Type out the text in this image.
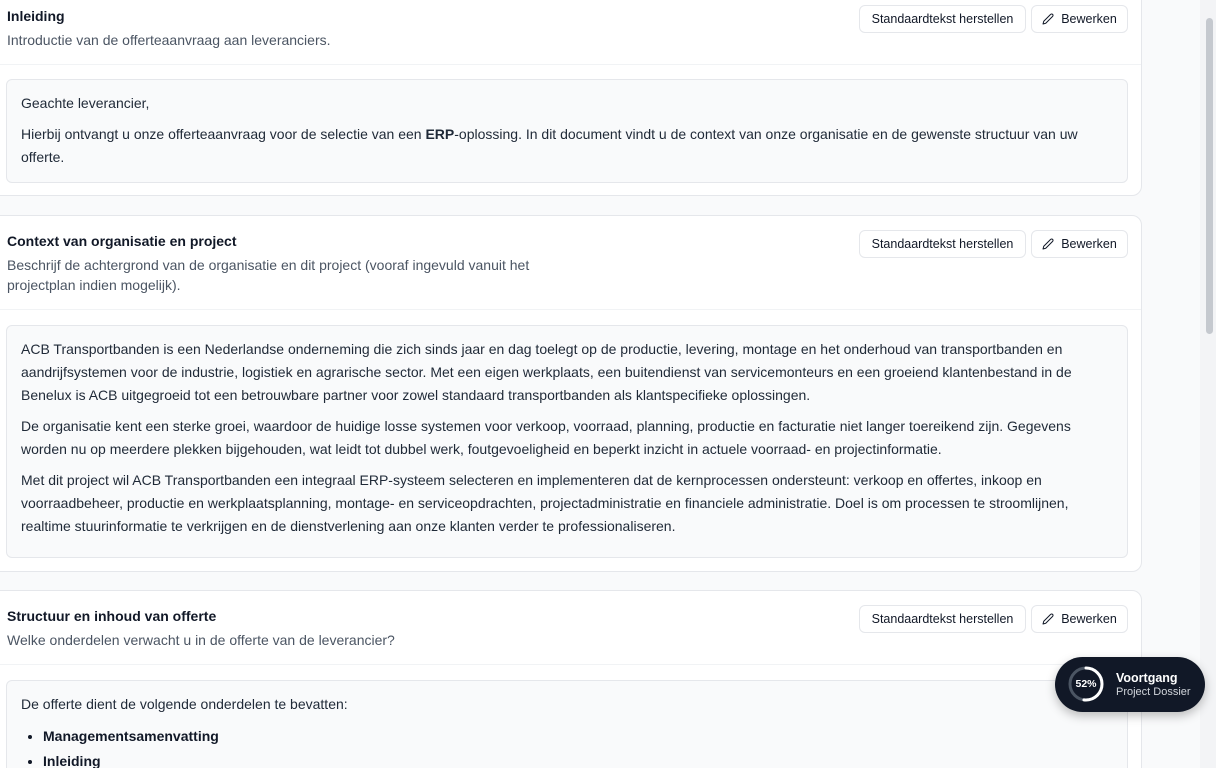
Inleiding

Introductie van de offerteaanvraag aan leveranciers.

Standaardtekst herstellen	Bewerken

Geachte leverancier,

Hierbij ontvangt u onze offerteaanvraag voor de selectie van een ERP-oplossing. In dit document vindt u de context van onze organisatie en de gewenste structuur van uw offerte.

Context van organisatie en project

Beschrijf de achtergrond van de organisatie en dit project (vooraf ingevuld vanuit het projectplan indien mogelijk).

Standaardtekst herstellen	Bewerken

ACB Transportbanden is een Nederlandse onderneming die zich sinds jaar en dag toelegt op de productie, levering, montage en het onderhoud van transportbanden en aandrijfsystemen voor de industrie, logistiek en agrarische sector. Met een eigen werkplaats, een buitendienst van servicemonteurs en een groeiend klantenbestand in de Benelux is ACB uitgegroeid tot een betrouwbare partner voor zowel standaard transportbanden als klantspecifieke oplossingen.

De organisatie kent een sterke groei, waardoor de huidige losse systemen voor verkoop, voorraad, planning, productie en facturatie niet langer toereikend zijn. Gegevens worden nu op meerdere plekken bijgehouden, wat leidt tot dubbel werk, foutgevoeligheid en beperkt inzicht in actuele voorraad- en projectinformatie.

Met dit project wil ACB Transportbanden een integraal ERP-systeem selecteren en implementeren dat de kernprocessen ondersteunt: verkoop en offertes, inkoop en voorraadbeheer, productie en werkplaatsplanning, montage- en serviceopdrachten, projectadministratie en financiele administratie. Doel is om processen te stroomlijnen, realtime stuurinformatie te verkrijgen en de dienstverlening aan onze klanten verder te professionaliseren.

Structuur en inhoud van offerte

Welke onderdelen verwacht u in de offerte van de leverancier?

Standaardtekst herstellen	Bewerken

De offerte dient de volgende onderdelen te bevatten:

• Managementsamenvatting
• Inleiding
52%	Voortgang
Project Dossier
